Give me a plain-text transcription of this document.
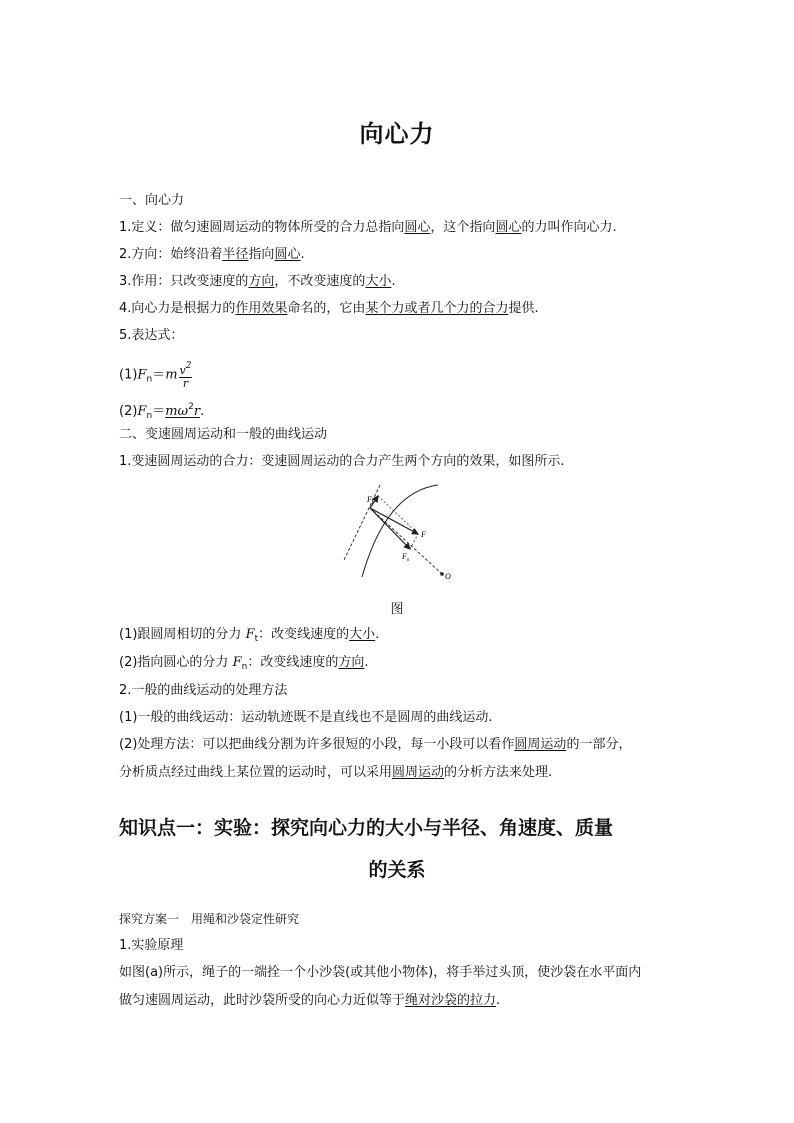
向心力
一、向心力
1.定义：做匀速圆周运动的物体所受的合力总指向圆心，这个指向圆心的力叫作向心力.
2.方向：始终沿着半径指向圆心.
3.作用：只改变速度的方向，不改变速度的大小.
4.向心力是根据力的作用效果命名的，它由某个力或者几个力的合力提供.
5.表达式：
$(1)F_n=m \frac{v^2}{r}$
$(2)F_n=m\omega^2r$.
二、变速圆周运动和一般的曲线运动
1.变速圆周运动的合力：变速圆周运动的合力产生两个方向的效果，如图所示.
$F_t$
F
$F_n$
O
图
(1)跟圆周相切的分力 $F_t$：改变线速度的大小.
(2)指向圆心的分力 $F_n$：改变线速度的方向.
2.一般的曲线运动的处理方法
(1)一般的曲线运动：运动轨迹既不是直线也不是圆周的曲线运动.
(2)处理方法：可以把曲线分割为许多很短的小段，每一小段可以看作圆周运动的一部分，
分析质点经过曲线上某位置的运动时，可以采用圆周运动的分析方法来处理.
知识点一：实验：探究向心力的大小与半径、角速度、质量
的关系
探究方案一　用绳和沙袋定性研究
1.实验原理
如图(a)所示，绳子的一端拴一个小沙袋(或其他小物体)，将手举过头顶，使沙袋在水平面内
做匀速圆周运动，此时沙袋所受的向心力近似等于绳对沙袋的拉力.
